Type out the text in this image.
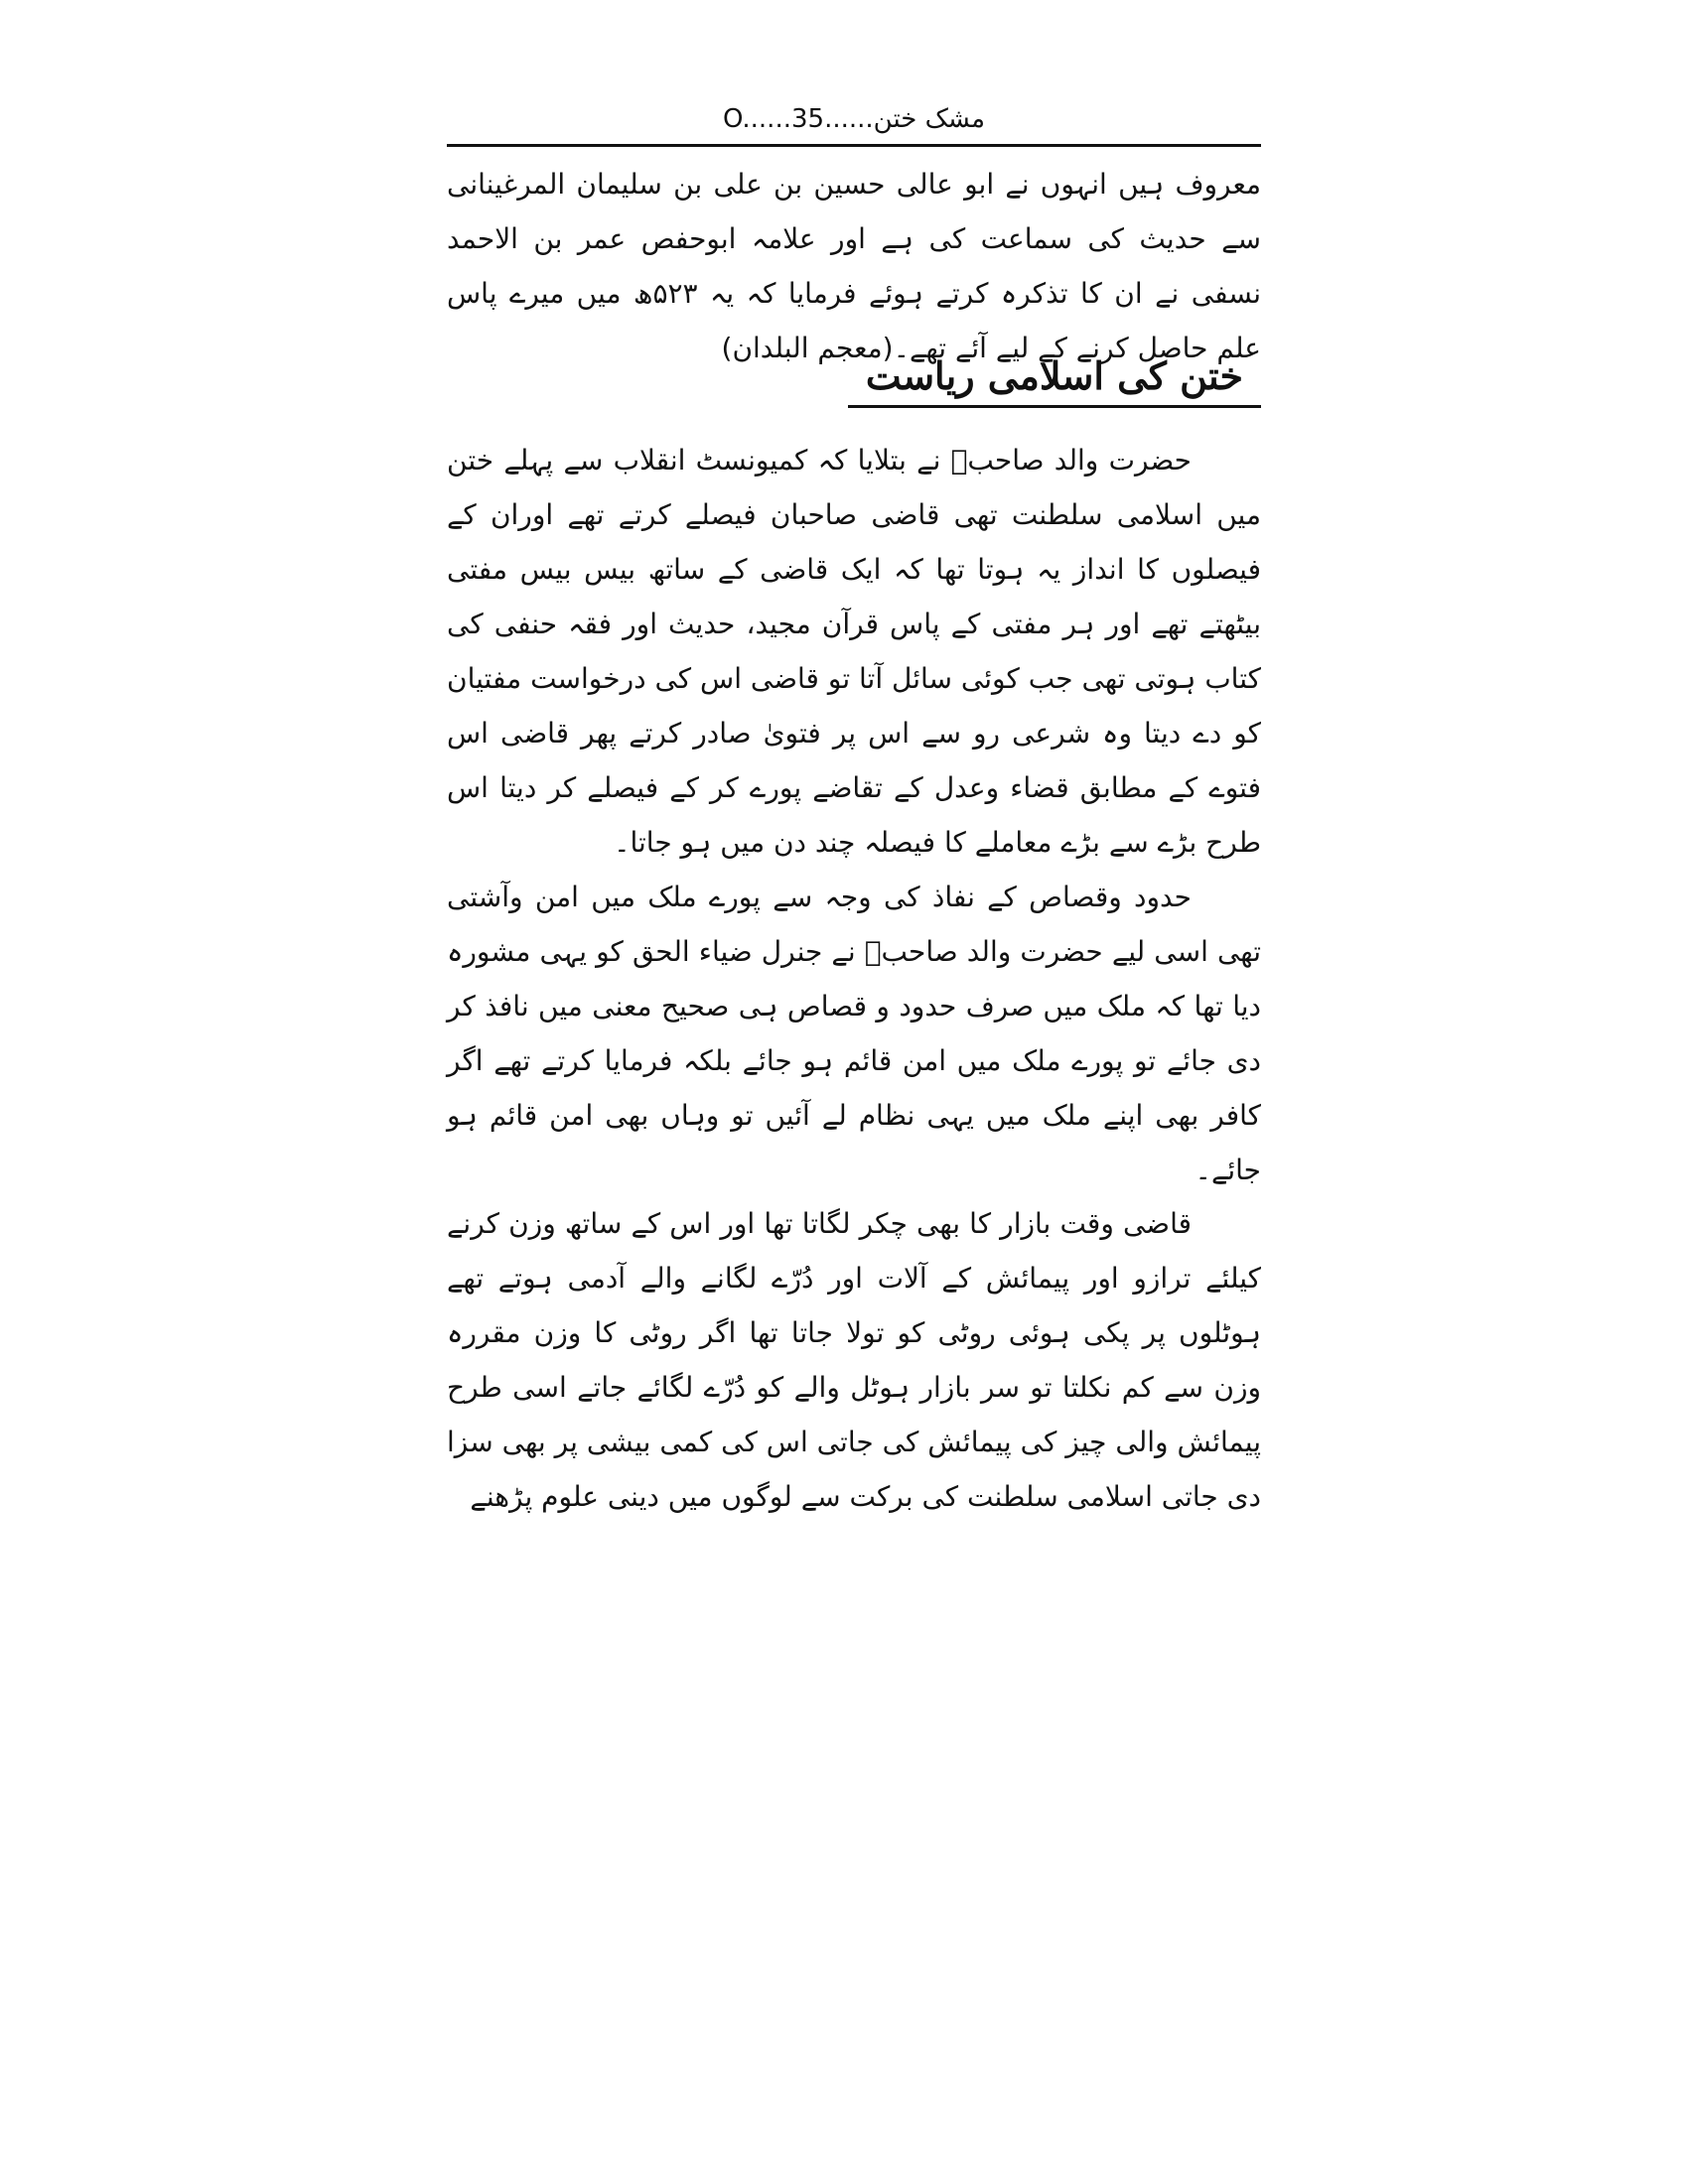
مشک ختن......O......35

معروف ہیں انہوں نے ابو عالی حسین بن علی بن سلیمان المرغینانی سے حدیث کی سماعت کی ہے اور علامہ ابوحفص عمر بن الاحمد نسفی نے ان کا تذکرہ کرتے ہوئے فرمایا کہ یہ ۵۲۳ھ میں میرے پاس علم حاصل کرنے کے لیے آئے تھے۔(معجم البلدان)

ختن کی اسلامی ریاست

حضرت والد صاحبؒ نے بتلایا کہ کمیونسٹ انقلاب سے پہلے ختن میں اسلامی سلطنت تھی قاضی صاحبان فیصلے کرتے تھے اوران کے فیصلوں کا انداز یہ ہوتا تھا کہ ایک قاضی کے ساتھ بیس بیس مفتی بیٹھتے تھے اور ہر مفتی کے پاس قرآن مجید، حدیث اور فقہ حنفی کی کتاب ہوتی تھی جب کوئی سائل آتا تو قاضی اس کی درخواست مفتیان کو دے دیتا وہ شرعی رو سے اس پر فتویٰ صادر کرتے پھر قاضی اس فتوے کے مطابق قضاء وعدل کے تقاضے پورے کر کے فیصلے کر دیتا اس طرح بڑے سے بڑے معاملے کا فیصلہ چند دن میں ہو جاتا۔

حدود وقصاص کے نفاذ کی وجہ سے پورے ملک میں امن وآشتی تھی اسی لیے حضرت والد صاحبؒ نے جنرل ضیاء الحق کو یہی مشورہ دیا تھا کہ ملک میں صرف حدود و قصاص ہی صحیح معنی میں نافذ کر دی جائے تو پورے ملک میں امن قائم ہو جائے بلکہ فرمایا کرتے تھے اگر کافر بھی اپنے ملک میں یہی نظام لے آئیں تو وہاں بھی امن قائم ہو جائے۔

قاضی وقت بازار کا بھی چکر لگاتا تھا اور اس کے ساتھ وزن کرنے کیلئے ترازو اور پیمائش کے آلات اور دُرّے لگانے والے آدمی ہوتے تھے ہوٹلوں پر پکی ہوئی روٹی کو تولا جاتا تھا اگر روٹی کا وزن مقررہ وزن سے کم نکلتا تو سر بازار ہوٹل والے کو دُرّے لگائے جاتے اسی طرح پیمائش والی چیز کی پیمائش کی جاتی اس کی کمی بیشی پر بھی سزا دی جاتی اسلامی سلطنت کی برکت سے لوگوں میں دینی علوم پڑھنے
